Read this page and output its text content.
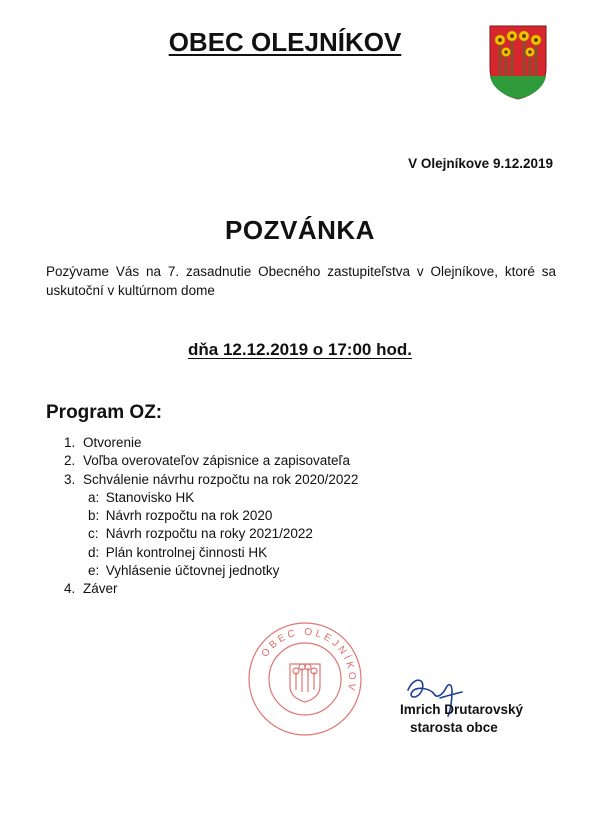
OBEC OLEJNÍKOV
V Olejníkove 9.12.2019
POZVÁNKA
Pozývame Vás na 7. zasadnutie Obecného zastupiteľstva v Olejníkove, ktoré sa uskutoční v kultúrnom dome
dňa 12.12.2019 o 17:00 hod.
Program OZ:
1. Otvorenie
2. Voľba overovateľov zápisnice a zapisovateľa
3. Schválenie návrhu rozpočtu na rok 2020/2022
a: Stanovisko HK
b: Návrh rozpočtu na rok 2020
c: Návrh rozpočtu na roky 2021/2022
d: Plán kontrolnej činnosti HK
e: Vyhlásenie účtovnej jednotky
4. Záver
OBEC OLEJNÍKOV
Imrich Drutarovský
starosta obce
